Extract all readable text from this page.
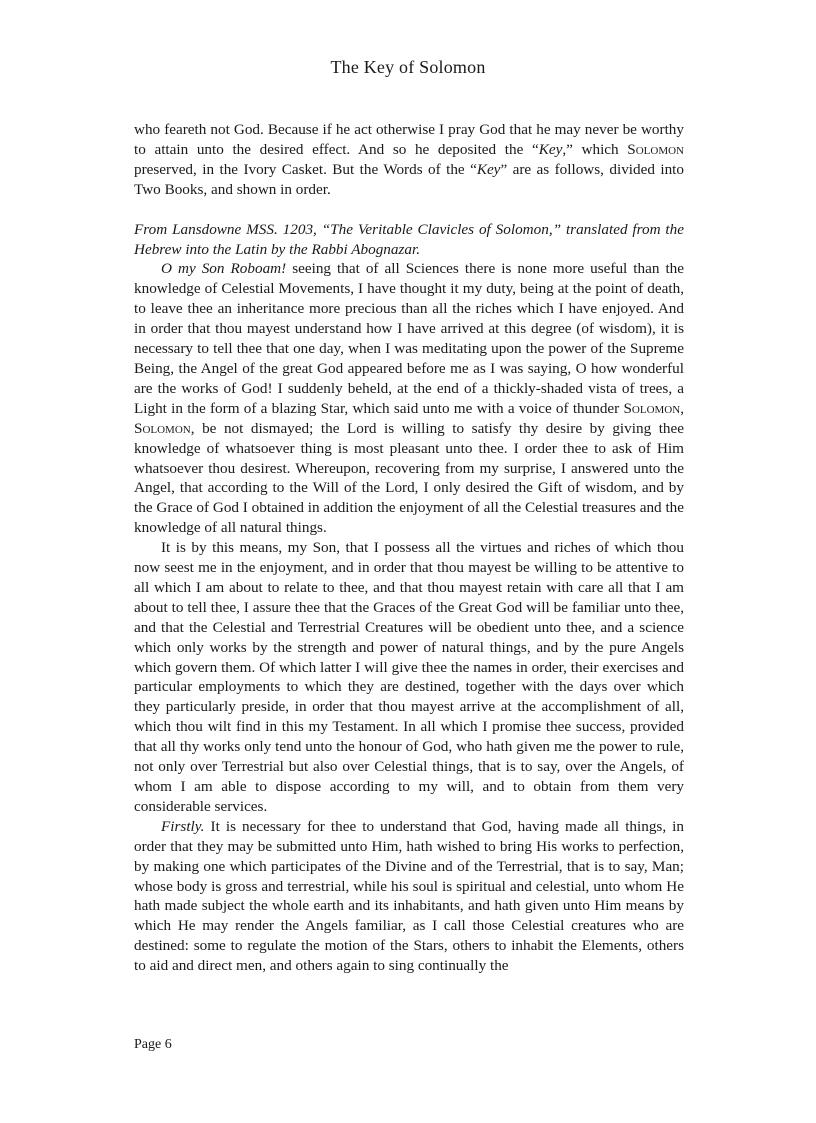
The Key of Solomon

who feareth not God. Because if he act otherwise I pray God that he may never be worthy to attain unto the desired effect. And so he deposited the “Key,” which Solomon preserved, in the Ivory Casket. But the Words of the “Key” are as follows, divided into Two Books, and shown in order.

From Lansdowne MSS. 1203, “The Veritable Clavicles of Solomon,” translated from the Hebrew into the Latin by the Rabbi Abognazar.

O my Son Roboam! seeing that of all Sciences there is none more useful than the knowledge of Celestial Movements, I have thought it my duty, being at the point of death, to leave thee an inheritance more precious than all the riches which I have enjoyed. And in order that thou mayest understand how I have arrived at this degree (of wisdom), it is necessary to tell thee that one day, when I was meditating upon the power of the Supreme Being, the Angel of the great God appeared before me as I was saying, O how wonderful are the works of God! I suddenly beheld, at the end of a thickly-shaded vista of trees, a Light in the form of a blazing Star, which said unto me with a voice of thunder Solomon, Solomon, be not dismayed; the Lord is willing to satisfy thy desire by giving thee knowledge of whatsoever thing is most pleasant unto thee. I order thee to ask of Him whatsoever thou desirest. Whereupon, recovering from my surprise, I answered unto the Angel, that according to the Will of the Lord, I only desired the Gift of wisdom, and by the Grace of God I obtained in addition the enjoyment of all the Celestial treasures and the knowledge of all natural things.

It is by this means, my Son, that I possess all the virtues and riches of which thou now seest me in the enjoyment, and in order that thou mayest be willing to be attentive to all which I am about to relate to thee, and that thou mayest retain with care all that I am about to tell thee, I assure thee that the Graces of the Great God will be familiar unto thee, and that the Celestial and Terrestrial Creatures will be obedient unto thee, and a science which only works by the strength and power of natural things, and by the pure Angels which govern them. Of which latter I will give thee the names in order, their exercises and particular employments to which they are destined, together with the days over which they particularly preside, in order that thou mayest arrive at the accomplishment of all, which thou wilt find in this my Testament. In all which I promise thee success, provided that all thy works only tend unto the honour of God, who hath given me the power to rule, not only over Terrestrial but also over Celestial things, that is to say, over the Angels, of whom I am able to dispose according to my will, and to obtain from them very considerable services.

Firstly. It is necessary for thee to understand that God, having made all things, in order that they may be submitted unto Him, hath wished to bring His works to perfection, by making one which participates of the Divine and of the Terrestrial, that is to say, Man; whose body is gross and terrestrial, while his soul is spiritual and celestial, unto whom He hath made subject the whole earth and its inhabitants, and hath given unto Him means by which He may render the Angels familiar, as I call those Celestial creatures who are destined: some to regulate the motion of the Stars, others to inhabit the Elements, others to aid and direct men, and others again to sing continually the

Page 6
